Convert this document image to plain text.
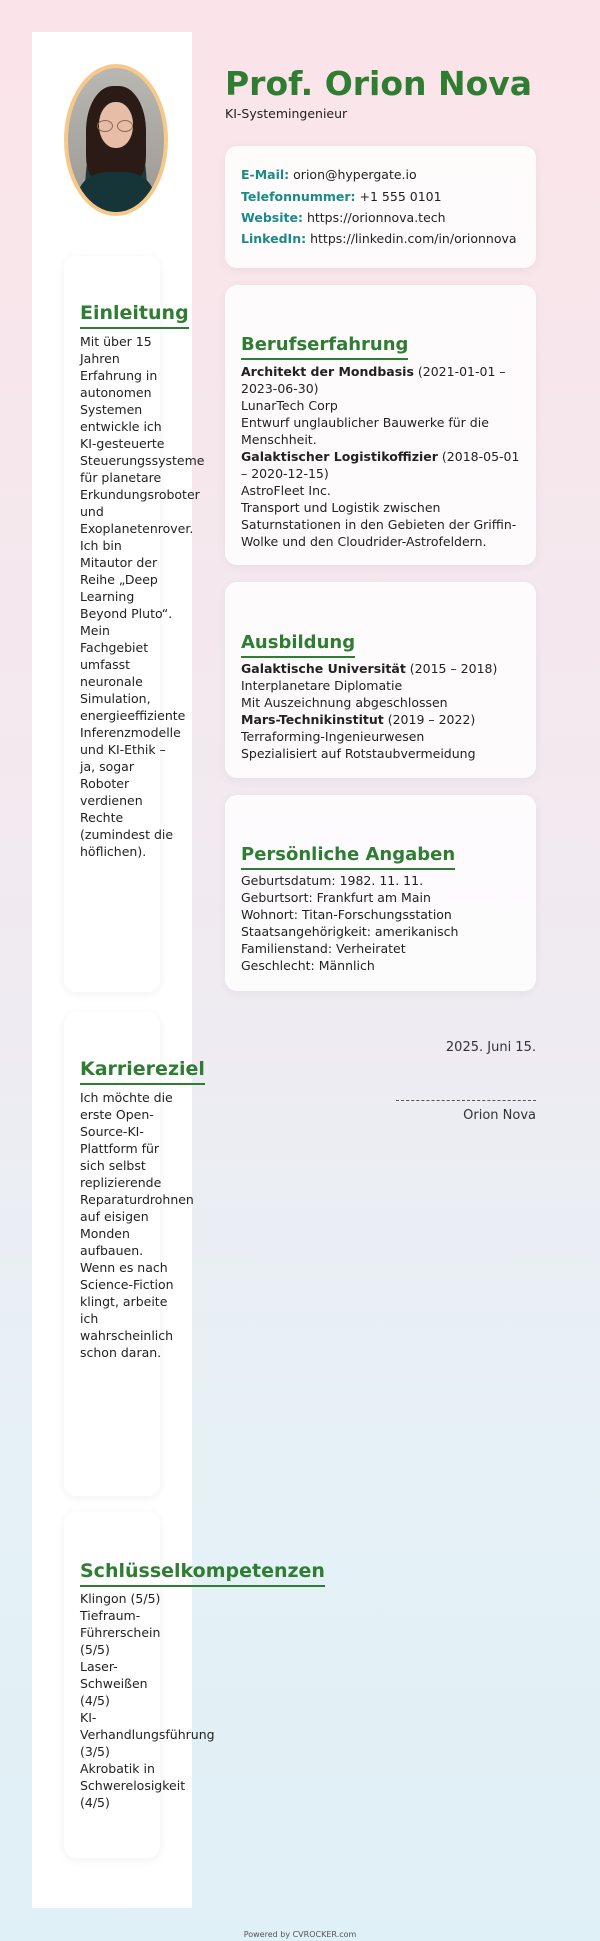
Einleitung
Mit über 15 Jahren Erfahrung in autonomen Systemen entwickle ich KI-gesteuerte Steuerungssysteme für planetare Erkundungsroboter und Exoplanetenrover. Ich bin Mitautor der Reihe „Deep Learning Beyond Pluto“. Mein Fachgebiet umfasst neuronale Simulation, energieeffiziente Inferenzmodelle und KI-Ethik – ja, sogar Roboter verdienen Rechte (zumindest die höflichen).
Karriereziel
Ich möchte die erste Open-Source-KI-Plattform für sich selbst replizierende Reparaturdrohnen auf eisigen Monden aufbauen. Wenn es nach Science-Fiction klingt, arbeite ich wahrscheinlich schon daran.
Schlüsselkompetenzen
Klingon (5/5)
Tiefraum-Führerschein (5/5)
Laser-Schweißen (4/5)
KI-Verhandlungsführung (3/5)
Akrobatik in Schwerelosigkeit (4/5)
Prof. Orion Nova
KI-Systemingenieur
E-Mail: orion@hypergate.io
Telefonnummer: +1 555 0101
Website: https://orionnova.tech
LinkedIn: https://linkedin.com/in/orionnova
Berufserfahrung
Architekt der Mondbasis (2021-01-01 – 2023-06-30)
LunarTech Corp
Entwurf unglaublicher Bauwerke für die Menschheit.
Galaktischer Logistikoffizier (2018-05-01 – 2020-12-15)
AstroFleet Inc.
Transport und Logistik zwischen Saturnstationen in den Gebieten der Griffin-Wolke und den Cloudrider-Astrofeldern.
Ausbildung
Galaktische Universität (2015 – 2018)
Interplanetare Diplomatie
Mit Auszeichnung abgeschlossen
Mars-Technikinstitut (2019 – 2022)
Terraforming-Ingenieurwesen
Spezialisiert auf Rotstaubvermeidung
Persönliche Angaben
Geburtsdatum: 1982. 11. 11.
Geburtsort: Frankfurt am Main
Wohnort: Titan-Forschungsstation
Staatsangehörigkeit: amerikanisch
Familienstand: Verheiratet
Geschlecht: Männlich
2025. Juni 15.
Orion Nova
Powered by CVROCKER.com
